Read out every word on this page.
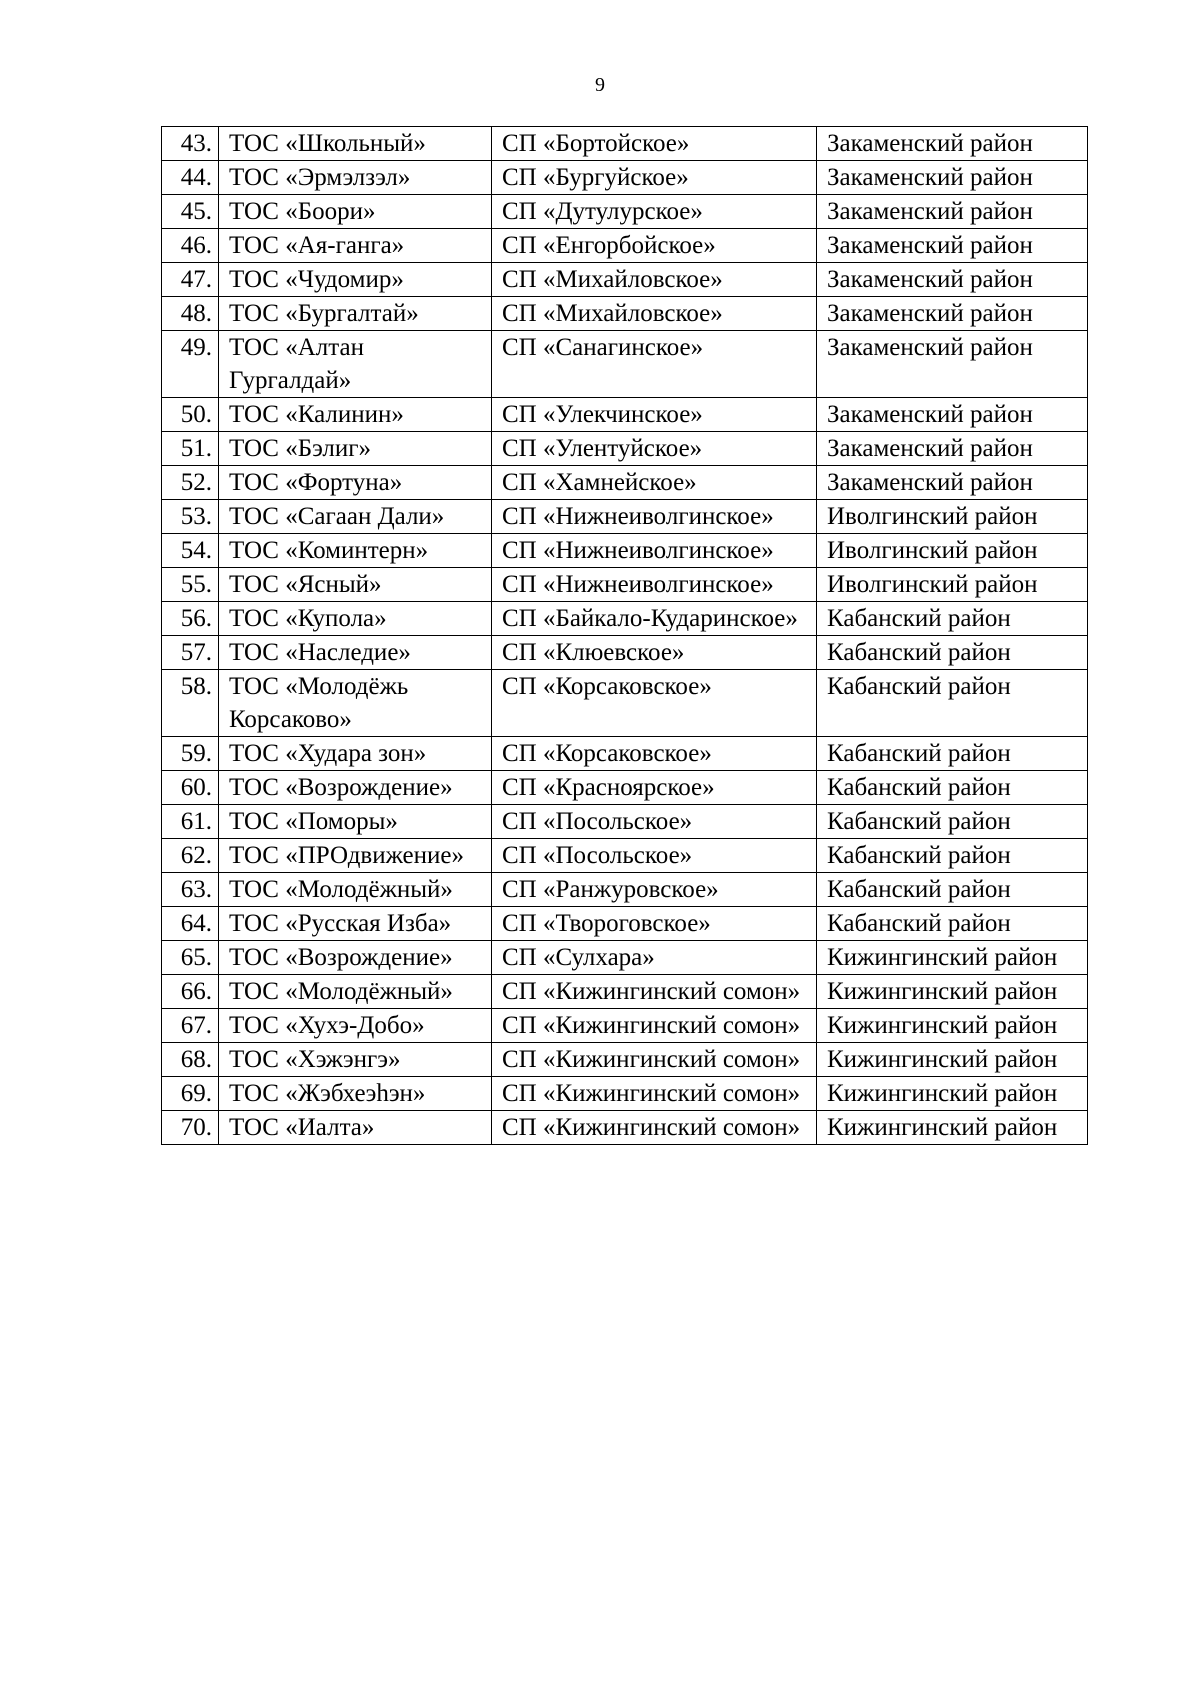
9
43.	ТОС «Школьный»	СП «Бортойское»	Закаменский район
44.	ТОС «Эрмэлзэл»	СП «Бургуйское»	Закаменский район
45.	ТОС «Боори»	СП «Дутулурское»	Закаменский район
46.	ТОС «Ая-ганга»	СП «Енгорбойское»	Закаменский район
47.	ТОС «Чудомир»	СП «Михайловское»	Закаменский район
48.	ТОС «Бургалтай»	СП «Михайловское»	Закаменский район
49.	ТОС «Алтан Гургалдай»	СП «Санагинское»	Закаменский район
50.	ТОС «Калинин»	СП «Улекчинское»	Закаменский район
51.	ТОС «Бэлиг»	СП «Улентуйское»	Закаменский район
52.	ТОС «Фортуна»	СП «Хамнейское»	Закаменский район
53.	ТОС «Сагаан Дали»	СП «Нижнеиволгинское»	Иволгинский район
54.	ТОС «Коминтерн»	СП «Нижнеиволгинское»	Иволгинский район
55.	ТОС «Ясный»	СП «Нижнеиволгинское»	Иволгинский район
56.	ТОС «Купола»	СП «Байкало-Кударинское»	Кабанский район
57.	ТОС «Наследие»	СП «Клюевское»	Кабанский район
58.	ТОС «Молодёжь Корсаково»	СП «Корсаковское»	Кабанский район
59.	ТОС «Худара зон»	СП «Корсаковское»	Кабанский район
60.	ТОС «Возрождение»	СП «Красноярское»	Кабанский район
61.	ТОС «Поморы»	СП «Посольское»	Кабанский район
62.	ТОС «ПРОдвижение»	СП «Посольское»	Кабанский район
63.	ТОС «Молодёжный»	СП «Ранжуровское»	Кабанский район
64.	ТОС «Русская Изба»	СП «Твороговское»	Кабанский район
65.	ТОС «Возрождение»	СП «Сулхара»	Кижингинский район
66.	ТОС «Молодёжный»	СП «Кижингинский сомон»	Кижингинский район
67.	ТОС «Хухэ-Добо»	СП «Кижингинский сомон»	Кижингинский район
68.	ТОС «Хэжэнгэ»	СП «Кижингинский сомон»	Кижингинский район
69.	ТОС «Жэбхеэһэн»	СП «Кижингинский сомон»	Кижингинский район
70.	ТОС «Иалта»	СП «Кижингинский сомон»	Кижингинский район
